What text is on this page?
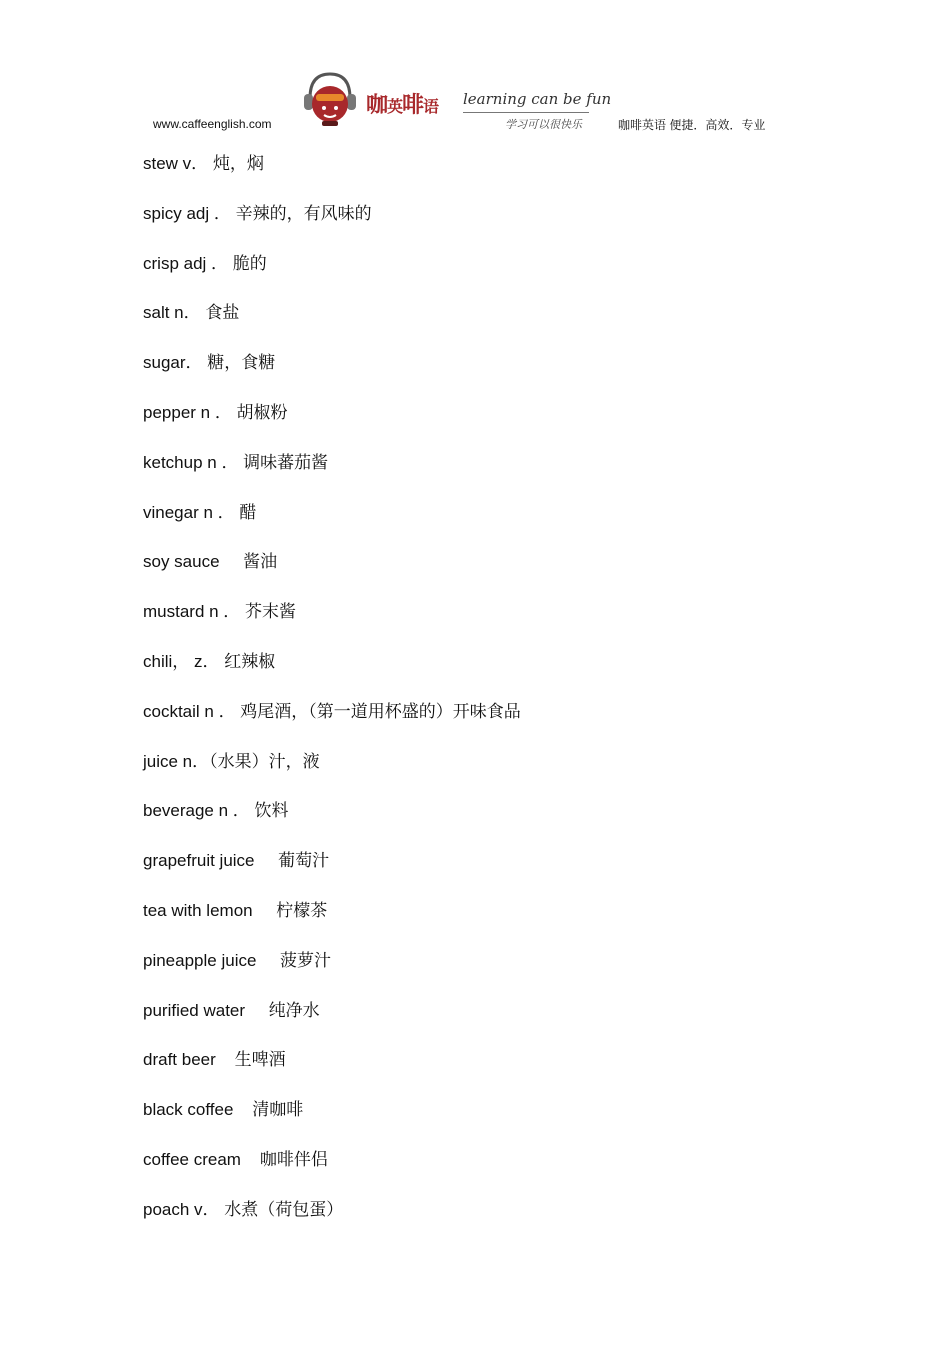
www.caffeenglish.com
咖英啡语 learning can be fun
学习可以很快乐	咖啡英语 便捷．高效．专业
stew v． 炖，焖
spicy adj ． 辛辣的，有风味的
crisp adj ． 脆的
salt n． 食盐
sugar． 糖，食糖
pepper n ． 胡椒粉
ketchup n ． 调味蕃茄酱
vinegar n ． 醋
soy sauce     酱油
mustard n ． 芥末酱
chili， z． 红辣椒
cocktail n ． 鸡尾酒，（第一道用杯盛的）开味食品
juice n．（水果）汁，液
beverage n ． 饮料
grapefruit juice     葡萄汁
tea with lemon     柠檬茶
pineapple juice     菠萝汁
purified water     纯净水
draft beer    生啤酒
black coffee    清咖啡
coffee cream    咖啡伴侣
poach v． 水煮（荷包蛋）
